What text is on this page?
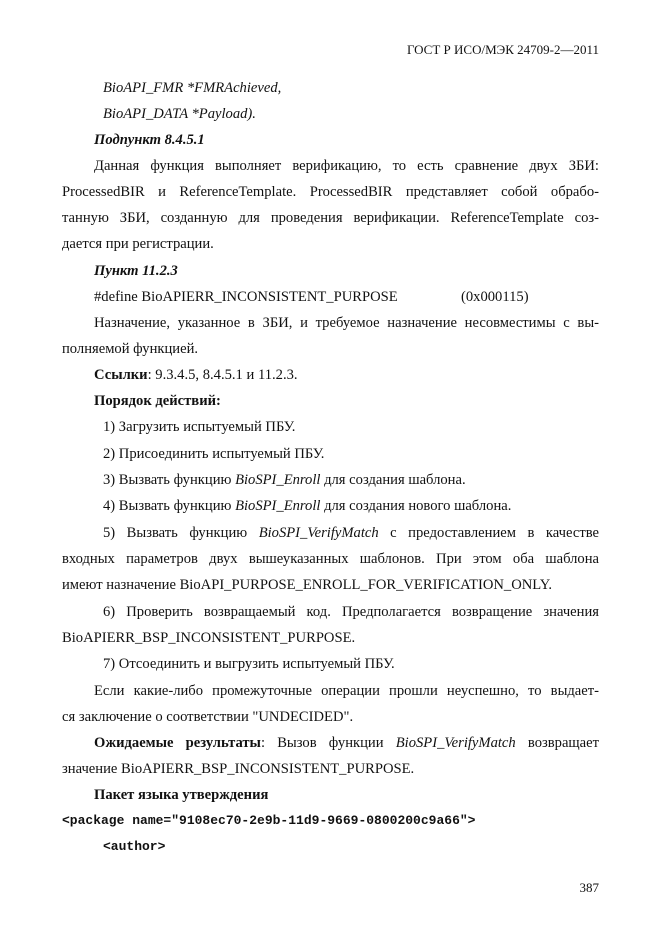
ГОСТ Р ИСО/МЭК 24709-2—2011
BioAPI_FMR *FMRAchieved,
BioAPI_DATA *Payload).
Подпункт 8.4.5.1
Данная функция выполняет верификацию, то есть сравнение двух ЗБИ:
ProcessedBIR и ReferenceTemplate. ProcessedBIR представляет собой обрабо-
танную ЗБИ, созданную для проведения верификации. ReferenceTemplate соз-
дается при регистрации.
Пункт 11.2.3
#define BioAPIERR_INCONSISTENT_PURPOSE	(0x000115)
Назначение, указанное в ЗБИ, и требуемое назначение несовместимы с вы-
полняемой функцией.
Ссылки: 9.3.4.5, 8.4.5.1 и 11.2.3.
Порядок действий:
1) Загрузить испытуемый ПБУ.
2) Присоединить испытуемый ПБУ.
3) Вызвать функцию BioSPI_Enroll для создания шаблона.
4) Вызвать функцию BioSPI_Enroll для создания нового шаблона.
5) Вызвать функцию BioSPI_VerifyMatch с предоставлением в качестве
входных параметров двух вышеуказанных шаблонов. При этом оба шаблона
имеют назначение BioAPI_PURPOSE_ENROLL_FOR_VERIFICATION_ONLY.
6) Проверить возвращаемый код. Предполагается возвращение значения
BioAPIERR_BSP_INCONSISTENT_PURPOSE.
7) Отсоединить и выгрузить испытуемый ПБУ.
Если какие-либо промежуточные операции прошли неуспешно, то выдает-
ся заключение о соответствии "UNDECIDED".
Ожидаемые результаты: Вызов функции BioSPI_VerifyMatch возвращает
значение BioAPIERR_BSP_INCONSISTENT_PURPOSE.
Пакет языка утверждения
<package name="9108ec70-2e9b-11d9-9669-0800200c9a66">
<author>
387
